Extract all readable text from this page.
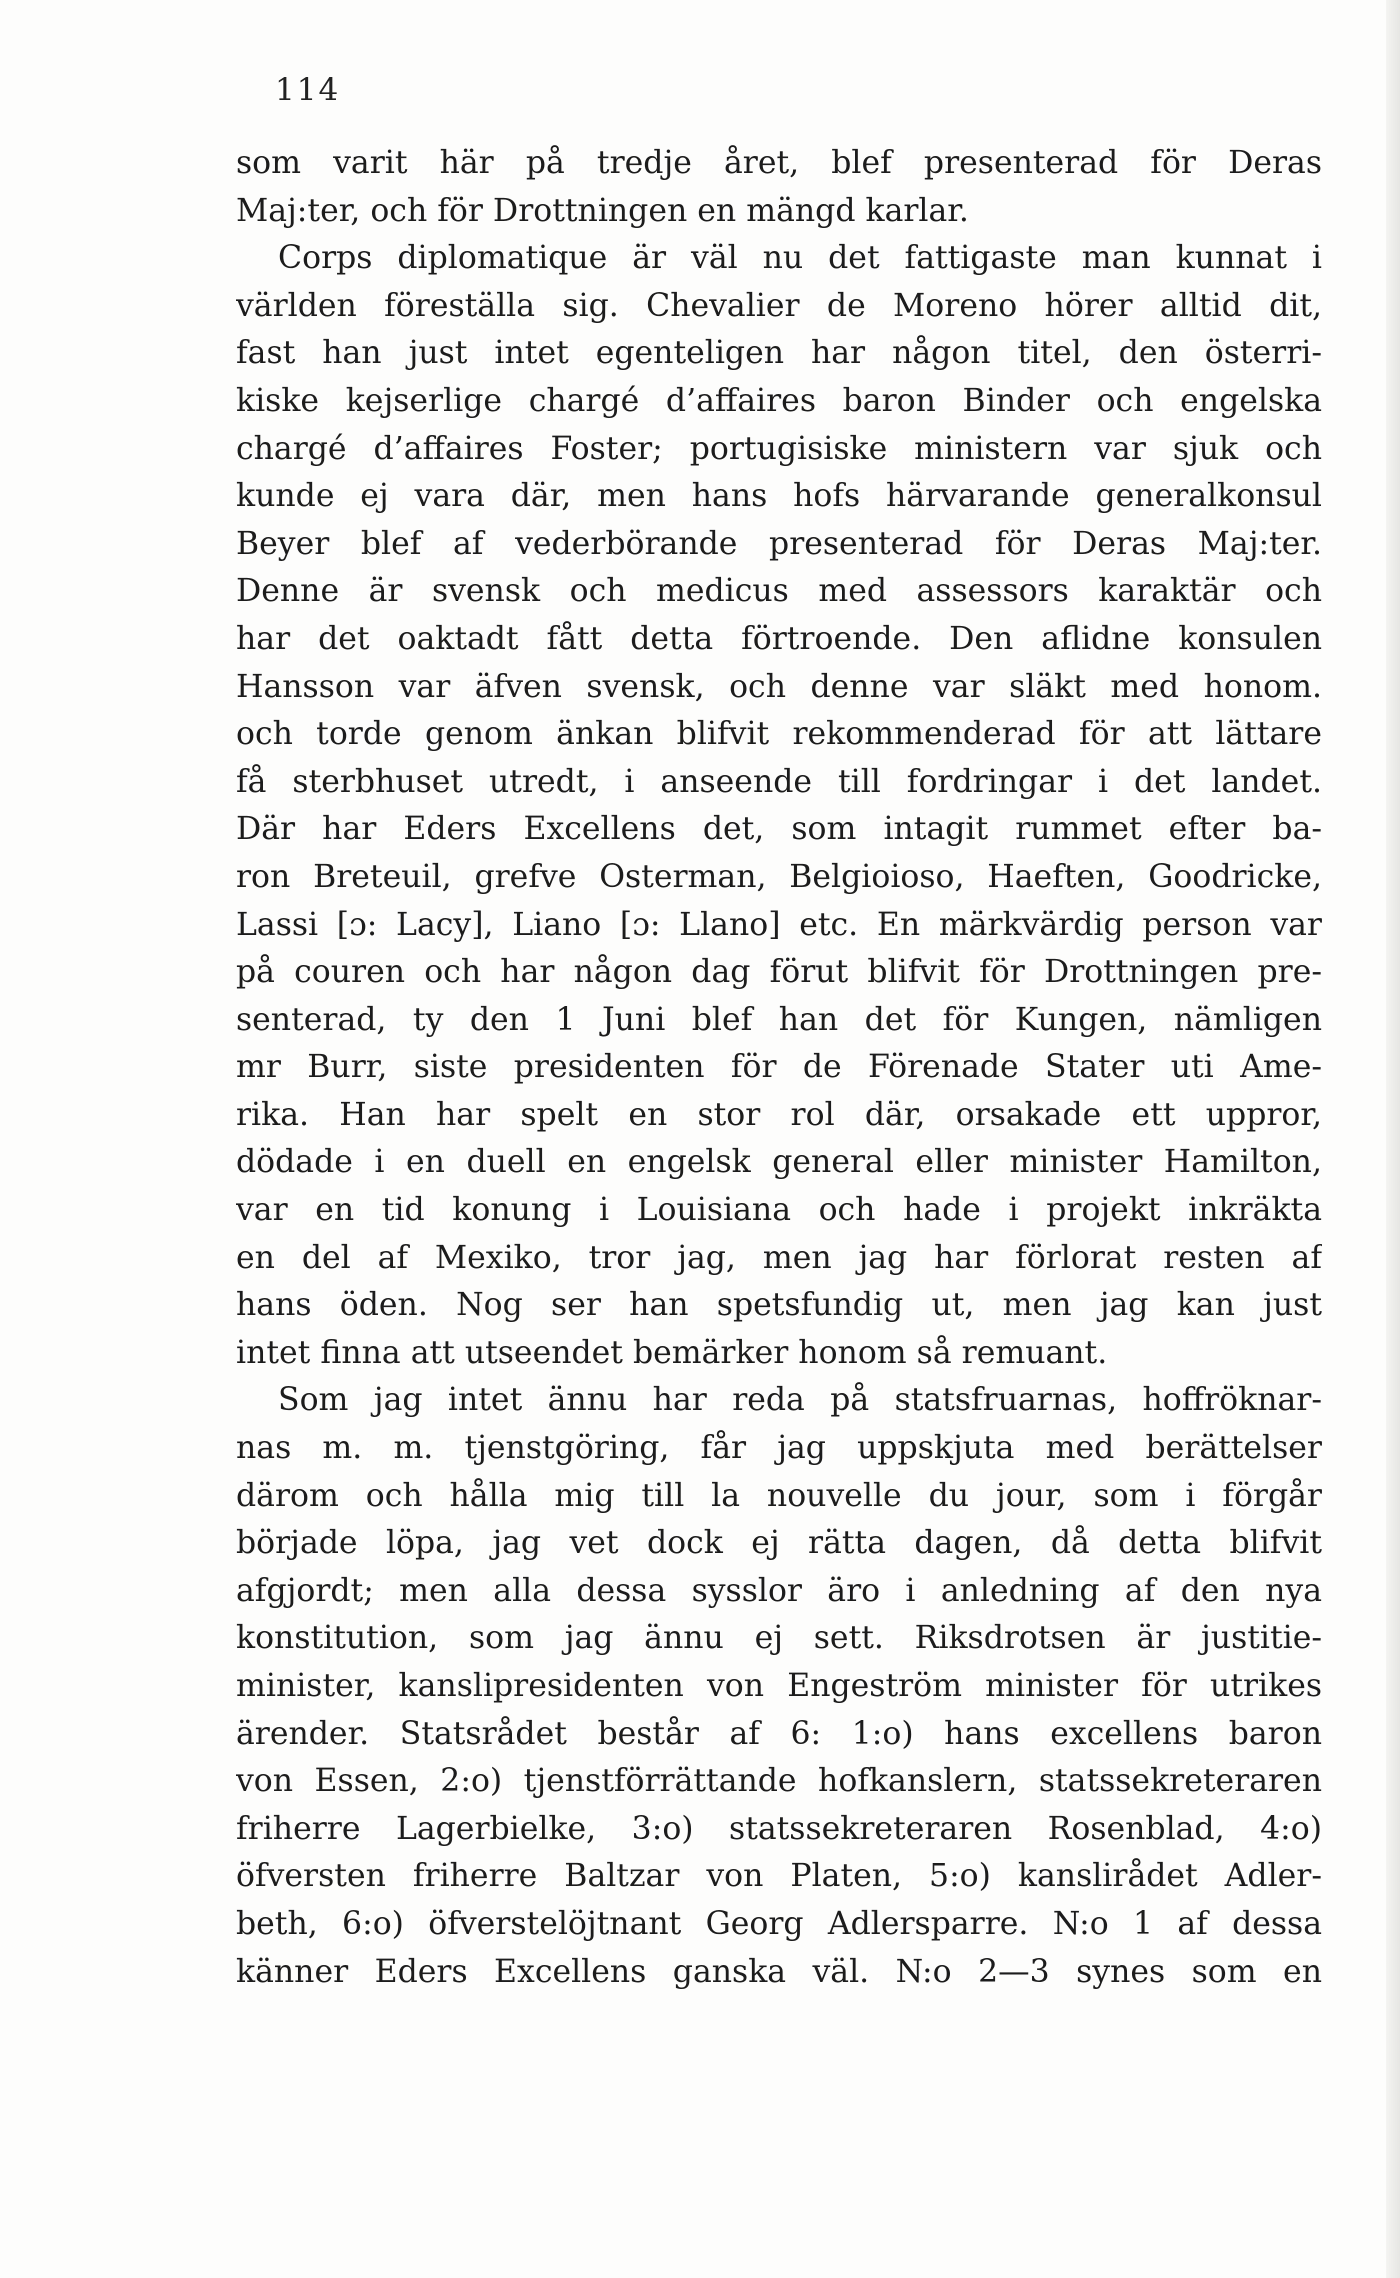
114
som varit här på tredje året, blef presenterad för Deras
Maj:ter, och för Drottningen en mängd karlar.
Corps diplomatique är väl nu det fattigaste man kunnat i
världen föreställa sig. Chevalier de Moreno hörer alltid dit,
fast han just intet egenteligen har någon titel, den österri-
kiske kejserlige chargé d’affaires baron Binder och engelska
chargé d’affaires Foster; portugisiske ministern var sjuk och
kunde ej vara där, men hans hofs härvarande generalkonsul
Beyer blef af vederbörande presenterad för Deras Maj:ter.
Denne är svensk och medicus med assessors karaktär och
har det oaktadt fått detta förtroende. Den aflidne konsulen
Hansson var äfven svensk, och denne var släkt med honom.
och torde genom änkan blifvit rekommenderad för att lättare
få sterbhuset utredt, i anseende till fordringar i det landet.
Där har Eders Excellens det, som intagit rummet efter ba-
ron Breteuil, grefve Osterman, Belgioioso, Haeften, Goodricke,
Lassi [ɔ: Lacy], Liano [ɔ: Llano] etc. En märkvärdig person var
på couren och har någon dag förut blifvit för Drottningen pre-
senterad, ty den 1 Juni blef han det för Kungen, nämligen
mr Burr, siste presidenten för de Förenade Stater uti Ame-
rika. Han har spelt en stor rol där, orsakade ett uppror,
dödade i en duell en engelsk general eller minister Hamilton,
var en tid konung i Louisiana och hade i projekt inkräkta
en del af Mexiko, tror jag, men jag har förlorat resten af
hans öden. Nog ser han spetsfundig ut, men jag kan just
intet finna att utseendet bemärker honom så remuant.
Som jag intet ännu har reda på statsfruarnas, hoffröknar-
nas m. m. tjenstgöring, får jag uppskjuta med berättelser
därom och hålla mig till la nouvelle du jour, som i förgår
började löpa, jag vet dock ej rätta dagen, då detta blifvit
afgjordt; men alla dessa sysslor äro i anledning af den nya
konstitution, som jag ännu ej sett. Riksdrotsen är justitie-
minister, kanslipresidenten von Engeström minister för utrikes
ärender. Statsrådet består af 6: 1:o) hans excellens baron
von Essen, 2:o) tjenstförrättande hofkanslern, statssekreteraren
friherre Lagerbielke, 3:o) statssekreteraren Rosenblad, 4:o)
öfversten friherre Baltzar von Platen, 5:o) kanslirådet Adler-
beth, 6:o) öfverstelöjtnant Georg Adlersparre. N:o 1 af dessa
känner Eders Excellens ganska väl. N:o 2—3 synes som en
